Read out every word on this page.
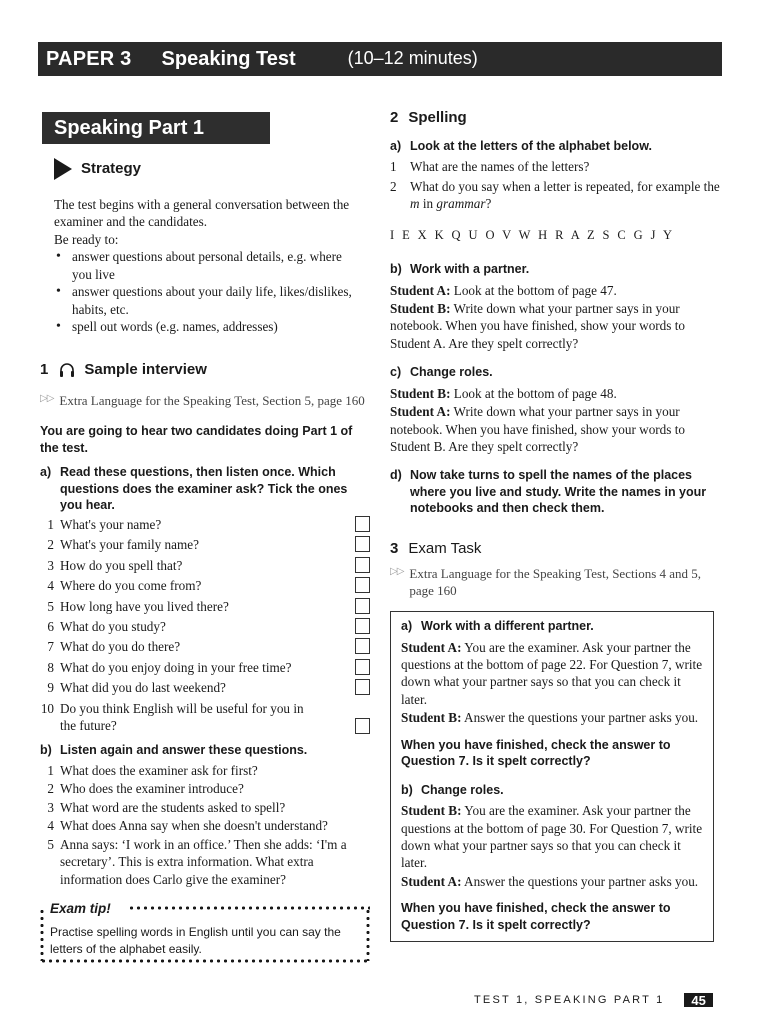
PAPER 3 Speaking Test	(10–12 minutes)
Speaking Part 1
Strategy
The test begins with a general conversation between the examiner and the candidates.
Be ready to:
• answer questions about personal details, e.g. where you live
• answer questions about your daily life, likes/dislikes, habits, etc.
• spell out words (e.g. names, addresses)
1 Sample interview
▷▷ Extra Language for the Speaking Test, Section 5, page 160
You are going to hear two candidates doing Part 1 of the test.
a) Read these questions, then listen once. Which questions does the examiner ask? Tick the ones you hear.
1 What's your name?
2 What's your family name?
3 How do you spell that?
4 Where do you come from?
5 How long have you lived there?
6 What do you study?
7 What do you do there?
8 What do you enjoy doing in your free time?
9 What did you do last weekend?
10 Do you think English will be useful for you in the future?
b) Listen again and answer these questions.
1 What does the examiner ask for first?
2 Who does the examiner introduce?
3 What word are the students asked to spell?
4 What does Anna say when she doesn't understand?
5 Anna says: ‘I work in an office.’ Then she adds: ‘I'm a secretary’. This is extra information. What extra information does Carlo give the examiner?
Exam tip!
Practise spelling words in English until you can say the letters of the alphabet easily.
2 Spelling
a) Look at the letters of the alphabet below.
1	What are the names of the letters?
2	What do you say when a letter is repeated, for example the m in grammar?
I E X K Q U O V W H R A Z S C G J Y
b) Work with a partner.
Student A: Look at the bottom of page 47.
Student B: Write down what your partner says in your notebook. When you have finished, show your words to Student A. Are they spelt correctly?
c) Change roles.
Student B: Look at the bottom of page 48.
Student A: Write down what your partner says in your notebook. When you have finished, show your words to Student B. Are they spelt correctly?
d) Now take turns to spell the names of the places where you live and study. Write the names in your notebooks and then check them.
3 Exam Task
▷▷ Extra Language for the Speaking Test, Sections 4 and 5, page 160
a) Work with a different partner.
Student A: You are the examiner. Ask your partner the questions at the bottom of page 22. For Question 7, write down what your partner says so that you can check it later.
Student B: Answer the questions your partner asks you.
When you have finished, check the answer to Question 7. Is it spelt correctly?
b) Change roles.
Student B: You are the examiner. Ask your partner the questions at the bottom of page 30. For Question 7, write down what your partner says so that you can check it later.
Student A: Answer the questions your partner asks you.
When you have finished, check the answer to Question 7. Is it spelt correctly?
TEST 1, SPEAKING PART 1	45
